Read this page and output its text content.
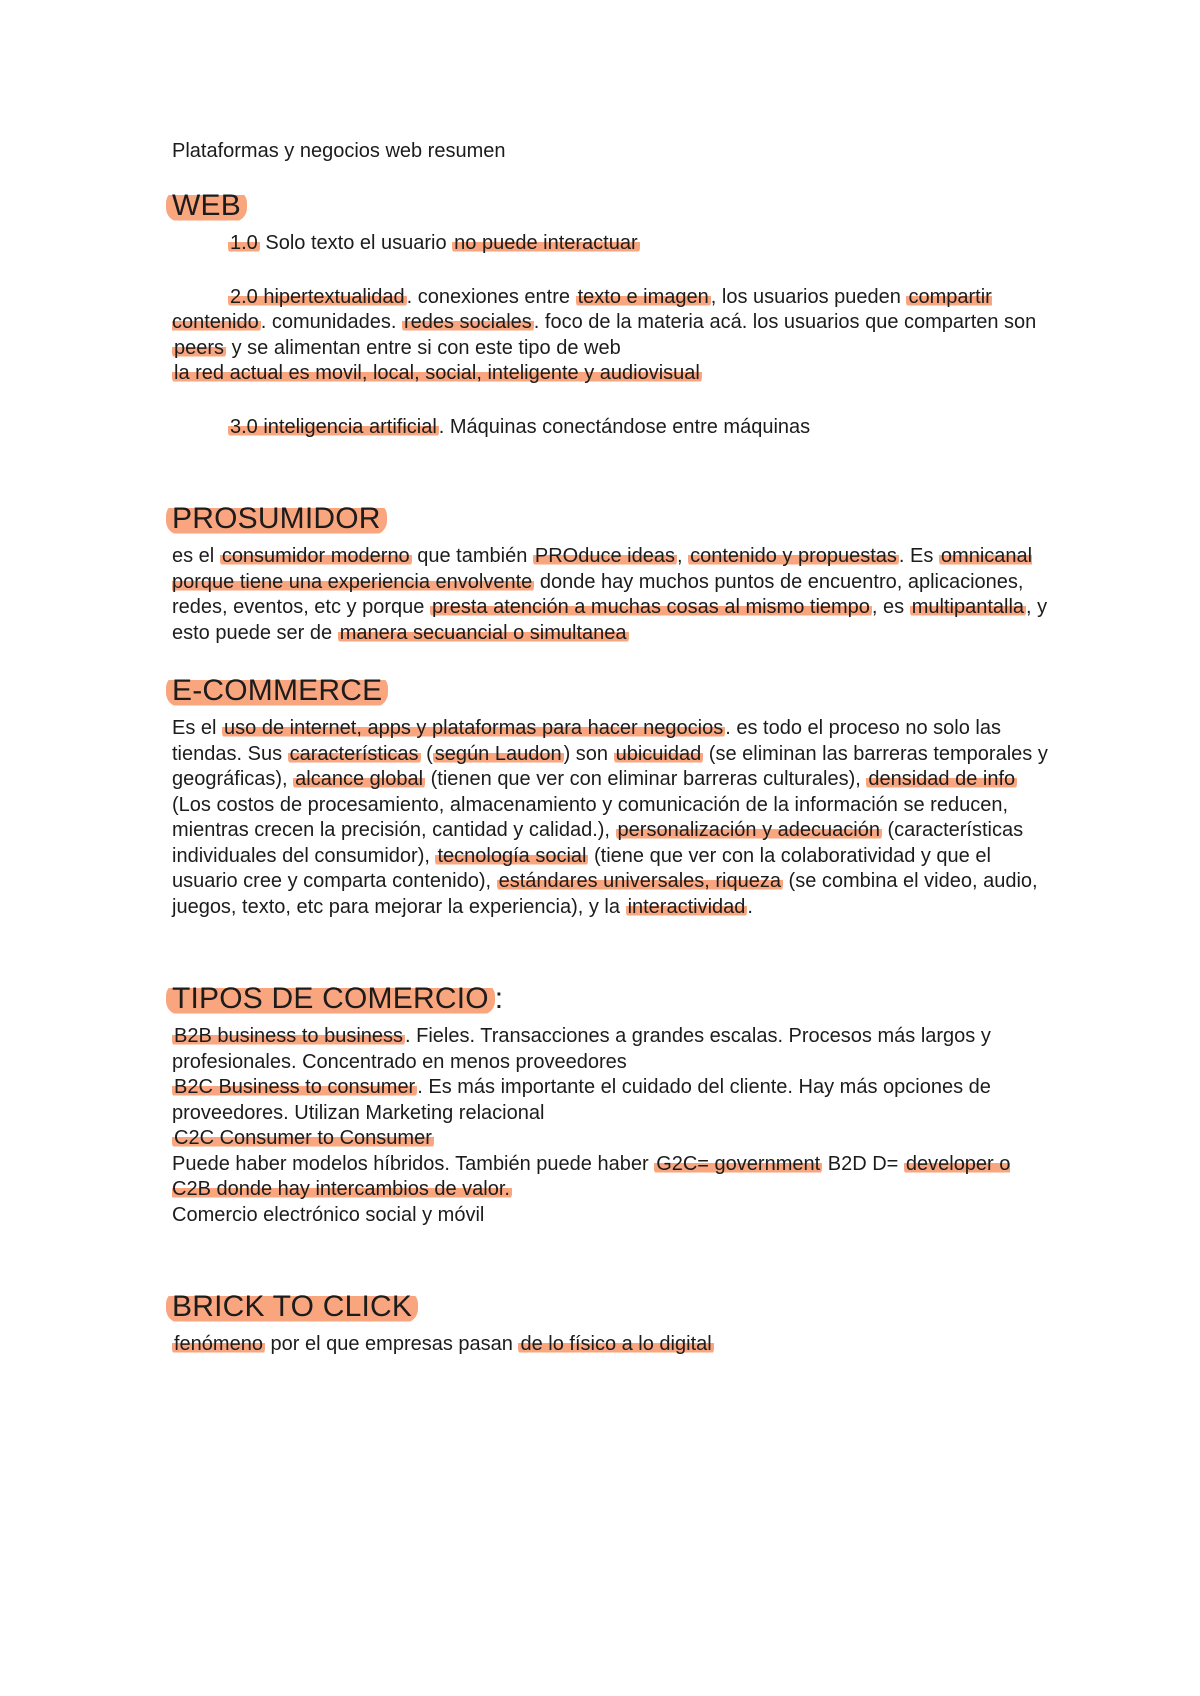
Plataformas y negocios web resumen
WEB

1.0 Solo texto el usuario no puede interactuar

2.0 hipertextualidad . conexiones entre texto e imagen , los usuarios pueden compartir contenido . comunidades. redes sociales . foco de la materia acá. los usuarios que comparten son peers y se alimentan entre si con este tipo de web
la red actual es movil, local, social, inteligente y audiovisual

3.0 inteligencia artificial . Máquinas conectándose entre máquinas

PROSUMIDOR

es el consumidor moderno que también PROduce ideas , contenido y propuestas . Es omnicanal porque tiene una experiencia envolvente donde hay muchos puntos de encuentro, aplicaciones, redes, eventos, etc y porque presta atención a muchas cosas al mismo tiempo , es multipantalla , y esto puede ser de manera secuancial o simultanea

E-COMMERCE

Es el uso de internet, apps y plataformas para hacer negocios . es todo el proceso no solo las tiendas. Sus características ( según Laudon ) son ubicuidad (se eliminan las barreras temporales y geográficas), alcance global (tienen que ver con eliminar barreras culturales), densidad de info (Los costos de procesamiento, almacenamiento y comunicación de la información se reducen, mientras crecen la precisión, cantidad y calidad.), personalización y adecuación (características individuales del consumidor), tecnología social (tiene que ver con la colaboratividad y que el usuario cree y comparta contenido), estándares universales, riqueza (se combina el video, audio, juegos, texto, etc para mejorar la experiencia), y la interactividad .

TIPOS DE COMERCIO :

B2B business to business . Fieles. Transacciones a grandes escalas. Procesos más largos y profesionales. Concentrado en menos proveedores

B2C Business to consumer . Es más importante el cuidado del cliente. Hay más opciones de proveedores. Utilizan Marketing relacional

C2C Consumer to Consumer

Puede haber modelos híbridos. También puede haber G2C= government B2D D= developer o C2B donde hay intercambios de valor.

Comercio electrónico social y móvil

BRICK TO CLICK

fenómeno por el que empresas pasan de lo físico a lo digital
